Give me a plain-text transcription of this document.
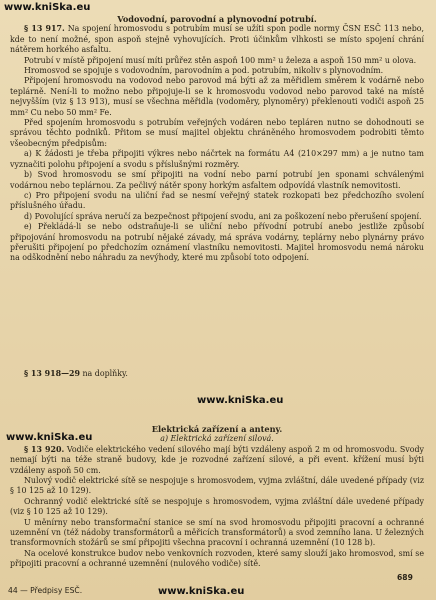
www.kniSka.eu

Vodovodní, parovodní a plynovodní potrubí.

§ 13 917. Na spojení hromosvodu s potrubím musí se užíti spon podle normy ČSN ESČ 113 nebo, kde to není možné, spon aspoň stejně vyhovujících. Proti účinkům vlhkosti se místo spojení chrání nátěrem horkého asfaltu.

Potrubí v místě připojení musí míti průřez stěn aspoň 100 mm² u železa a aspoň 150 mm² u olova.

Hromosvod se spojuje s vodovodním, parovodním a pod. potrubím, nikoliv s plynovodním.

Připojení hromosvodu na vodovod nebo parovod má býti až za měřidlem směrem k vodárně nebo teplárně. Není-li to možno nebo připojuje-li se k hromosvodu vodovod nebo parovod také na místě nejvyšším (viz § 13 913), musí se všechna měřidla (vodoměry, plynoměry) překlenouti vodiči aspoň 25 mm² Cu nebo 50 mm² Fe.

Před spojením hromosvodu s potrubím veřejných vodáren nebo tepláren nutno se dohodnouti se správou těchto podniků. Přitom se musí majitel objektu chráněného hromosvodem podrobiti těmto všeobecným předpisům:

a) K žádosti je třeba připojiti výkres nebo náčrtek na formátu A4 (210×297 mm) a je nutno tam vyznačiti polohu připojení a svodu s příslušnými rozměry.

b) Svod hromosvodu se smí připojiti na vodní nebo parní potrubí jen sponami schválenými vodárnou nebo teplárnou. Za pečlivý nátěr spony horkým asfaltem odpovídá vlastník nemovitosti.

c) Pro připojení svodu na uliční řad se nesmí veřejný statek rozkopati bez předchozího svolení příslušného úřadu.

d) Povolující správa neručí za bezpečnost připojení svodu, ani za poškození nebo přerušení spojení.

e) Překládá-li se nebo odstraňuje-li se uliční nebo přívodní potrubí anebo jestliže způsobí připojování hromosvodu na potrubí nějaké závady, má správa vodárny, teplárny nebo plynárny právo přerušiti připojení po předchozím oznámení vlastníku nemovitosti. Majitel hromosvodu nemá nároku na odškodnění nebo náhradu za nevýhody, které mu způsobí toto odpojení.

www.kniSka.eu

§ 13 918—29 na doplňky.

www.kniSka.eu

Elektrická zařízení a anteny.

a) Elektrická zařízení silová.

§ 13 920. Vodiče elektrického vedení silového mají býti vzdáleny aspoň 2 m od hromosvodu. Svody nemají býti na téže straně budovy, kde je rozvodné zařízení silové, a při event. křížení musí býti vzdáleny aspoň 50 cm.

Nulový vodič elektrické sítě se nespojuje s hromosvodem, vyjma zvláštní, dále uvedené případy (viz § 10 125 až 10 129).

Ochranný vodič elektrické sítě se nespojuje s hromosvodem, vyjma zvláštní dále uvedené případy (viz § 10 125 až 10 129).

U měnírny nebo transformační stanice se smí na svod hromosvodu připojiti pracovní a ochranné uzemnění vn (též nádoby transformátorů a měřicích transformátorů) a svod zemního lana. U železných transformovních stožárů se smí připojiti všechna pracovní i ochranná uzemnění (10 128 b).

Na ocelové konstrukce budov nebo venkovních rozvoden, které samy slouží jako hromosvod, smí se připojiti pracovní a ochranné uzemnění (nulového vodiče) sítě.

689
44 — Předpisy ESČ.	www.kniSka.eu
